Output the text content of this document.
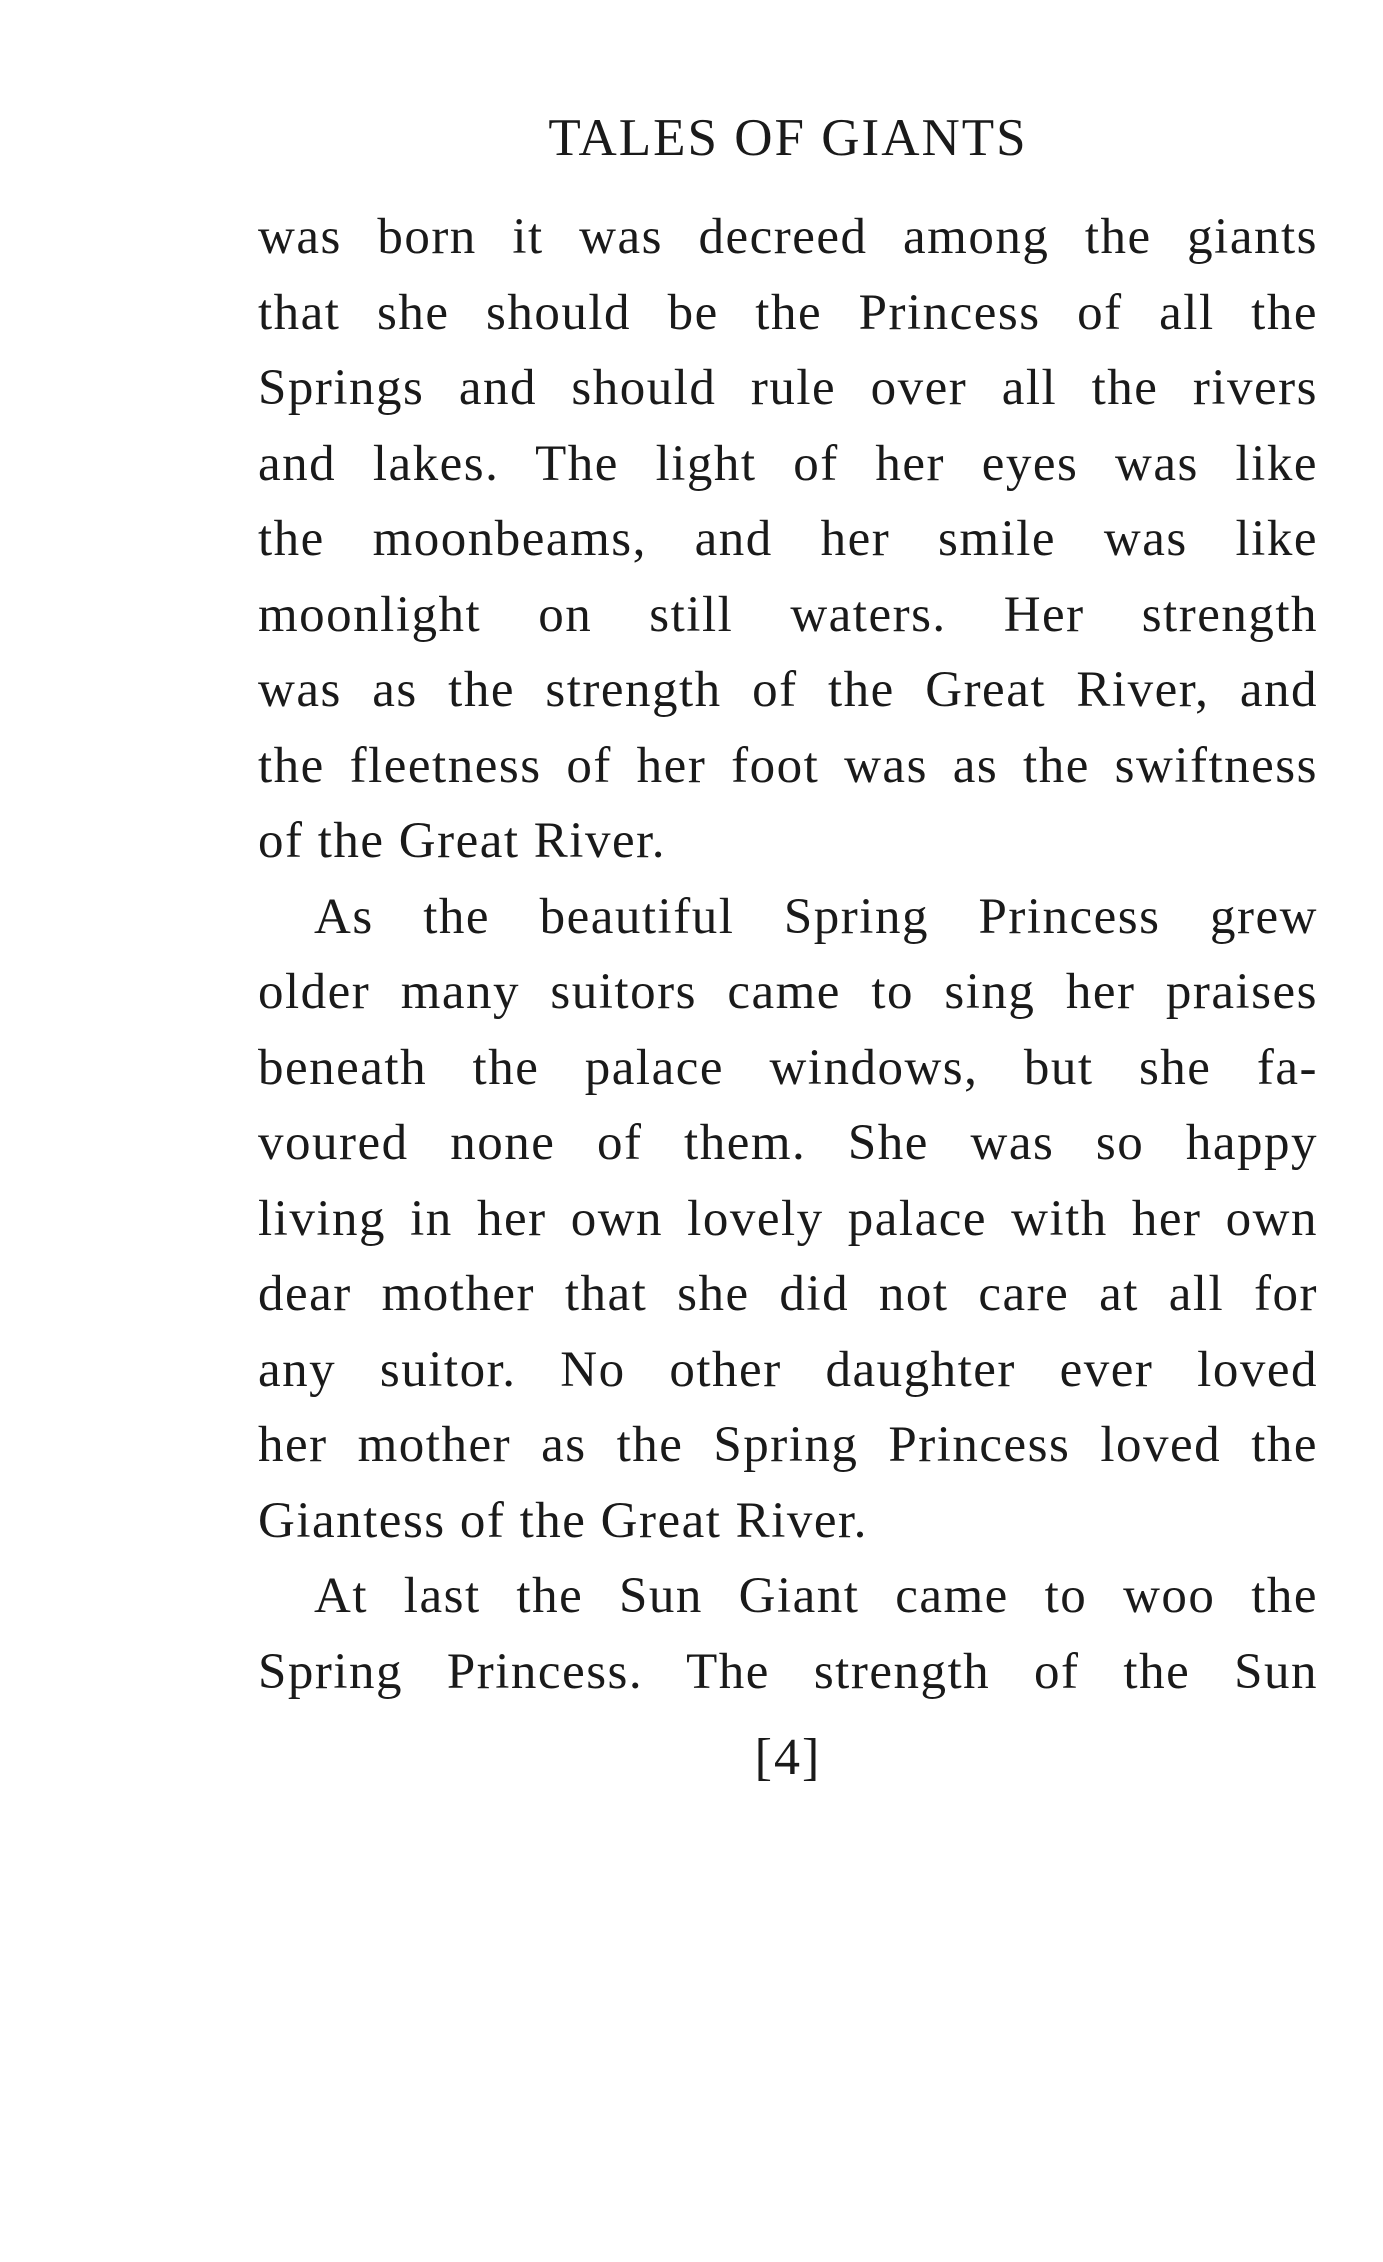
TALES OF GIANTS

was born it was decreed among the giants
that she should be the Princess of all the
Springs and should rule over all the rivers
and lakes. The light of her eyes was like
the moonbeams, and her smile was like
moonlight on still waters. Her strength
was as the strength of the Great River, and
the fleetness of her foot was as the swiftness
of the Great River.

As the beautiful Spring Princess grew
older many suitors came to sing her praises
beneath the palace windows, but she fa-
voured none of them. She was so happy
living in her own lovely palace with her own
dear mother that she did not care at all for
any suitor. No other daughter ever loved
her mother as the Spring Princess loved the
Giantess of the Great River.

At last the Sun Giant came to woo the
Spring Princess. The strength of the Sun

[4]
